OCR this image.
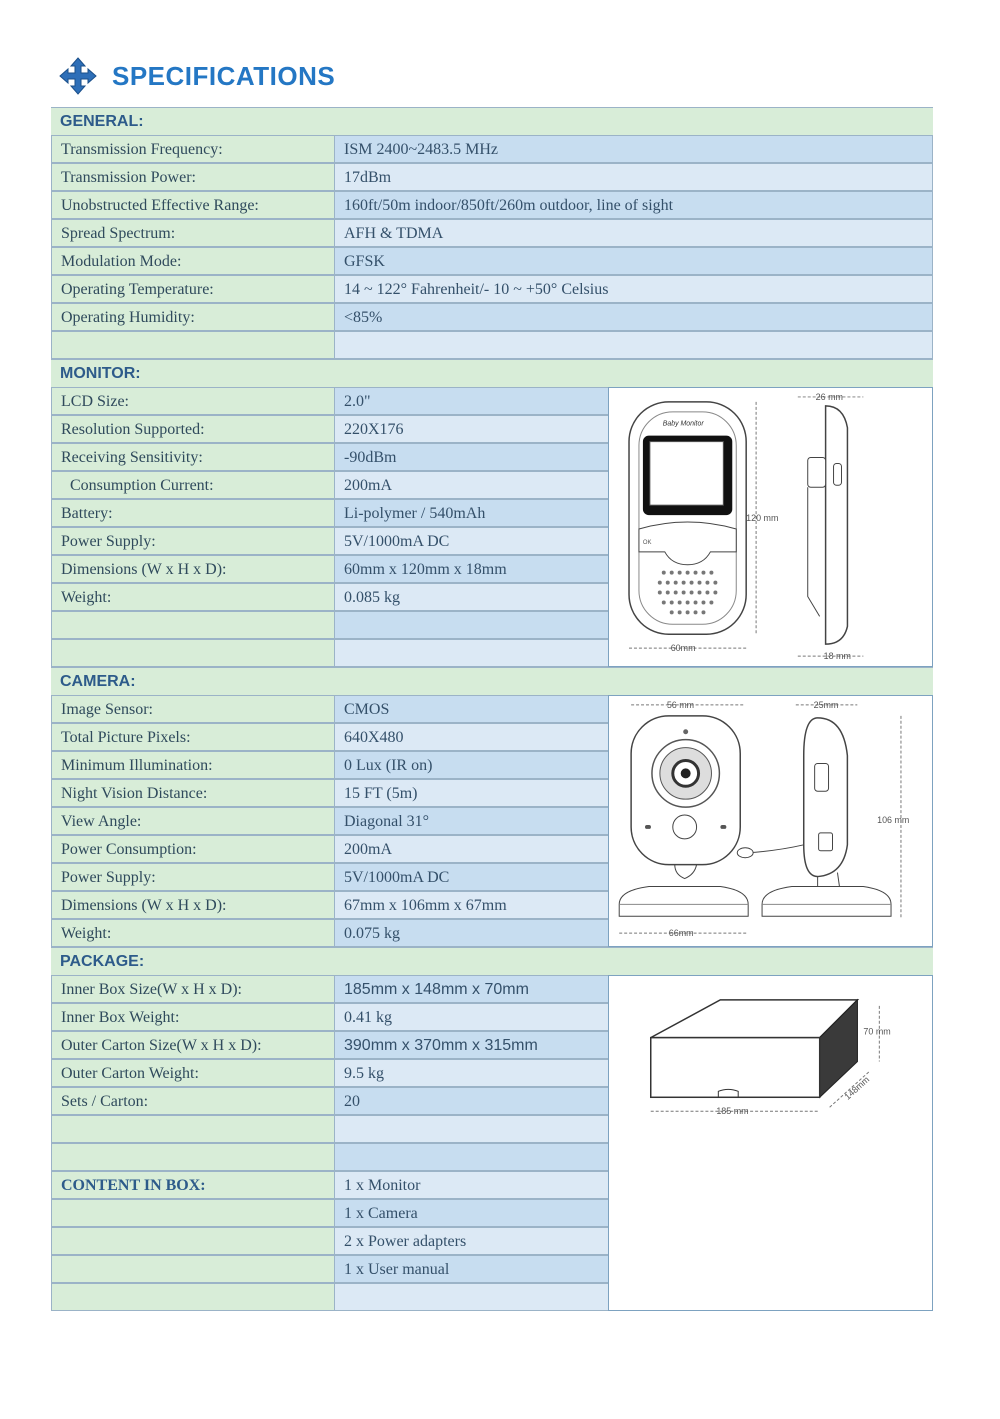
SPECIFICATIONS
GENERAL:
Transmission Frequency:	ISM 2400~2483.5 MHz
Transmission Power:	17dBm
Unobstructed Effective Range:	160ft/50m indoor/850ft/260m outdoor, line of sight
Spread Spectrum:	AFH & TDMA
Modulation Mode:	GFSK
Operating Temperature:	14 ~ 122° Fahrenheit/- 10 ~ +50° Celsius
Operating Humidity:	<85%
MONITOR:
LCD Size:	2.0"
Resolution Supported:	220X176
Receiving Sensitivity:	-90dBm
Consumption Current:	200mA
Battery:	Li-polymer / 540mAh
Power Supply:	5V/1000mA DC
Dimensions (W x H x D):	60mm x 120mm x 18mm
Weight:	0.085 kg
Baby Monitor
OK
120 mm
60mm
26 mm
18 mm
CAMERA:
Image Sensor:	CMOS
Total Picture Pixels:	640X480
Minimum Illumination:	0 Lux (IR on)
Night Vision Distance:	15 FT (5m)
View Angle:	Diagonal 31°
Power Consumption:	200mA
Power Supply:	5V/1000mA DC
Dimensions (W x H x D):	67mm x 106mm x 67mm
Weight:	0.075 kg
56 mm
66mm
25mm
106 mm
PACKAGE:
Inner Box Size(W x H x D):	185mm x 148mm x 70mm
Inner Box Weight:	0.41 kg
Outer Carton Size(W x H x D):	390mm x 370mm x 315mm
Outer Carton Weight:	9.5 kg
Sets / Carton:	20
CONTENT IN BOX:	1 x Monitor
1 x Camera
2 x Power adapters
1 x User manual
70 mm
185 mm
148mm
